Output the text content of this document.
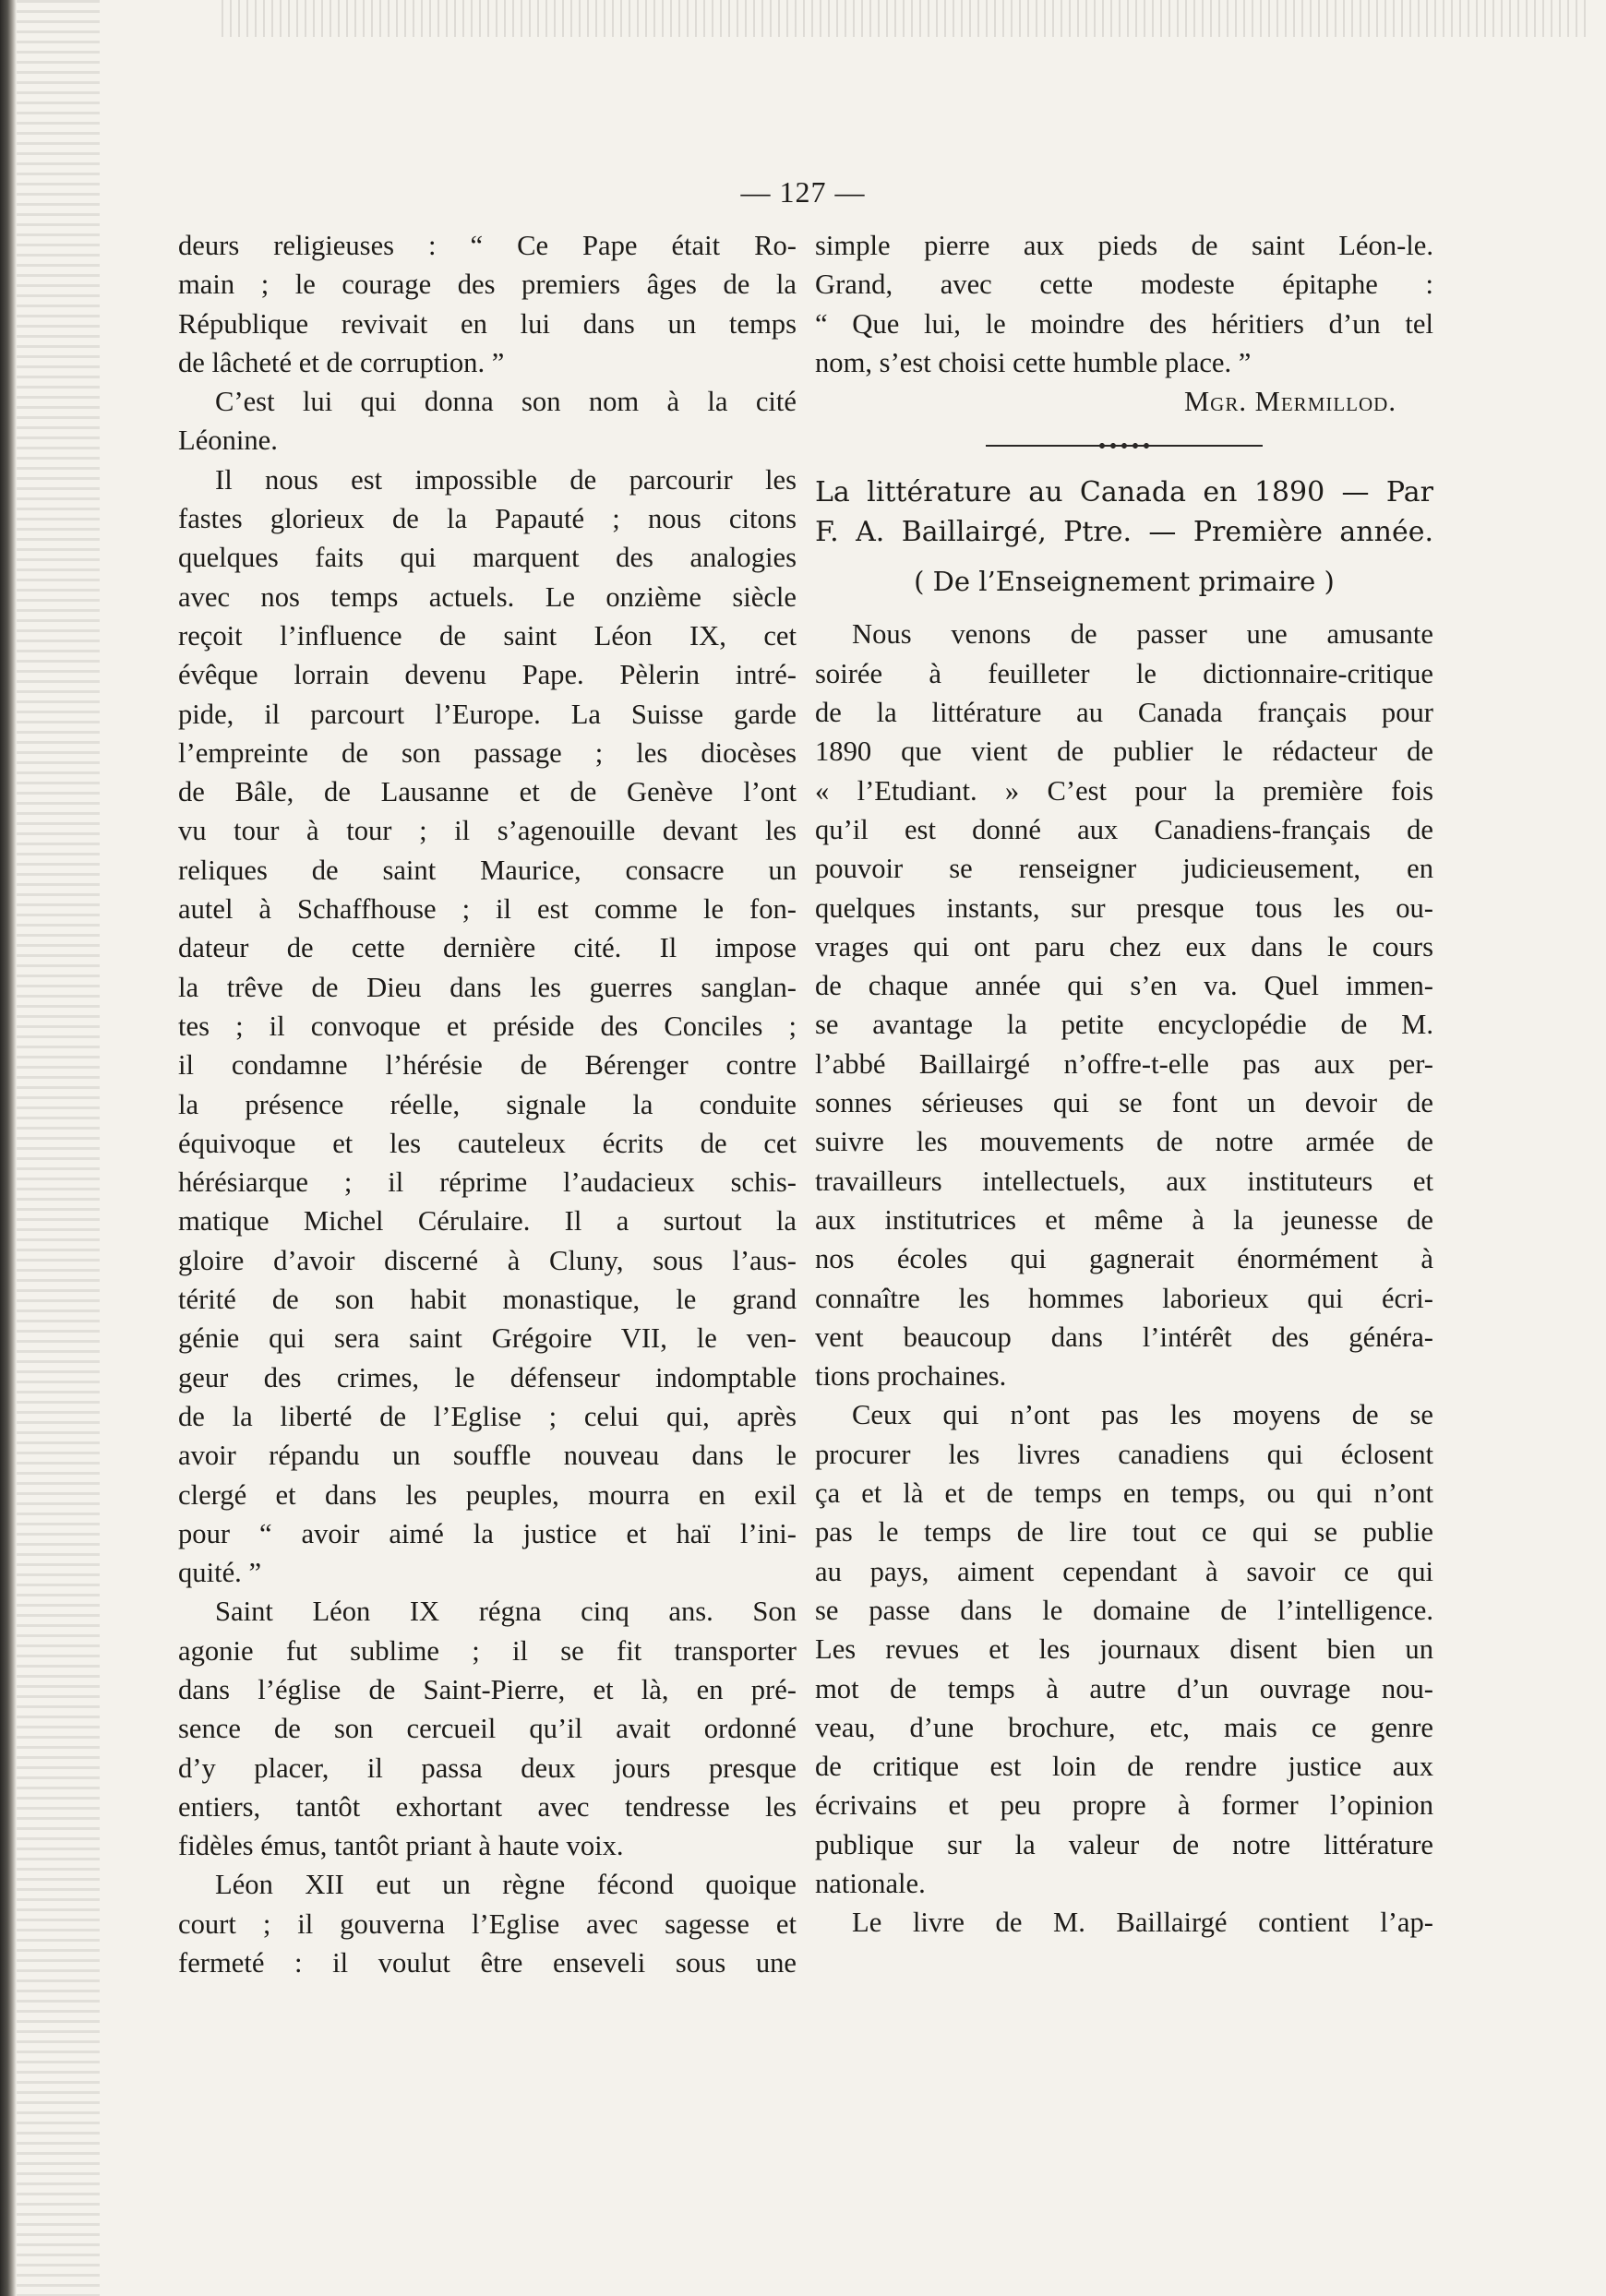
— 127 —
deurs religieuses : “ Ce Pape était Ro-
main ; le courage des premiers âges de la
République revivait en lui dans un temps
de lâcheté et de corruption. ”
C’est lui qui donna son nom à la cité
Léonine.
Il nous est impossible de parcourir les
fastes glorieux de la Papauté ; nous citons
quelques faits qui marquent des analogies
avec nos temps actuels. Le onzième siècle
reçoit l’influence de saint Léon IX, cet
évêque lorrain devenu Pape. Pèlerin intré-
pide, il parcourt l’Europe. La Suisse garde
l’empreinte de son passage ; les diocèses
de Bâle, de Lausanne et de Genève l’ont
vu tour à tour ; il s’agenouille devant les
reliques de saint Maurice, consacre un
autel à Schaffhouse ; il est comme le fon-
dateur de cette dernière cité. Il impose
la trêve de Dieu dans les guerres sanglan-
tes ; il convoque et préside des Conciles ;
il condamne l’hérésie de Bérenger contre
la présence réelle, signale la conduite
équivoque et les cauteleux écrits de cet
hérésiarque ; il réprime l’audacieux schis-
matique Michel Cérulaire. Il a surtout la
gloire d’avoir discerné à Cluny, sous l’aus-
térité de son habit monastique, le grand
génie qui sera saint Grégoire VII, le ven-
geur des crimes, le défenseur indomptable
de la liberté de l’Eglise ; celui qui, après
avoir répandu un souffle nouveau dans le
clergé et dans les peuples, mourra en exil
pour “ avoir aimé la justice et haï l’ini-
quité. ”
Saint Léon IX régna cinq ans. Son
agonie fut sublime ; il se fit transporter
dans l’église de Saint-Pierre, et là, en pré-
sence de son cercueil qu’il avait ordonné
d’y placer, il passa deux jours presque
entiers, tantôt exhortant avec tendresse les
fidèles émus, tantôt priant à haute voix.
Léon XII eut un règne fécond quoique
court ; il gouverna l’Eglise avec sagesse et
fermeté : il voulut être enseveli sous une
simple pierre aux pieds de saint Léon-le.
Grand, avec cette modeste épitaphe :
“ Que lui, le moindre des héritiers d’un tel
nom, s’est choisi cette humble place. ”
Mgr. Mermillod.
La littérature au Canada en 1890 — Par
F. A. Baillairgé, Ptre. — Première année.
( De l’Enseignement primaire )
Nous venons de passer une amusante
soirée à feuilleter le dictionnaire-critique
de la littérature au Canada français pour
1890 que vient de publier le rédacteur de
« l’Etudiant. » C’est pour la première fois
qu’il est donné aux Canadiens-français de
pouvoir se renseigner judicieusement, en
quelques instants, sur presque tous les ou-
vrages qui ont paru chez eux dans le cours
de chaque année qui s’en va. Quel immen-
se avantage la petite encyclopédie de M.
l’abbé Baillairgé n’offre-t-elle pas aux per-
sonnes sérieuses qui se font un devoir de
suivre les mouvements de notre armée de
travailleurs intellectuels, aux instituteurs et
aux institutrices et même à la jeunesse de
nos écoles qui gagnerait énormément à
connaître les hommes laborieux qui écri-
vent beaucoup dans l’intérêt des généra-
tions prochaines.
Ceux qui n’ont pas les moyens de se
procurer les livres canadiens qui éclosent
ça et là et de temps en temps, ou qui n’ont
pas le temps de lire tout ce qui se publie
au pays, aiment cependant à savoir ce qui
se passe dans le domaine de l’intelligence.
Les revues et les journaux disent bien un
mot de temps à autre d’un ouvrage nou-
veau, d’une brochure, etc, mais ce genre
de critique est loin de rendre justice aux
écrivains et peu propre à former l’opinion
publique sur la valeur de notre littérature
nationale.
Le livre de M. Baillairgé contient l’ap-
